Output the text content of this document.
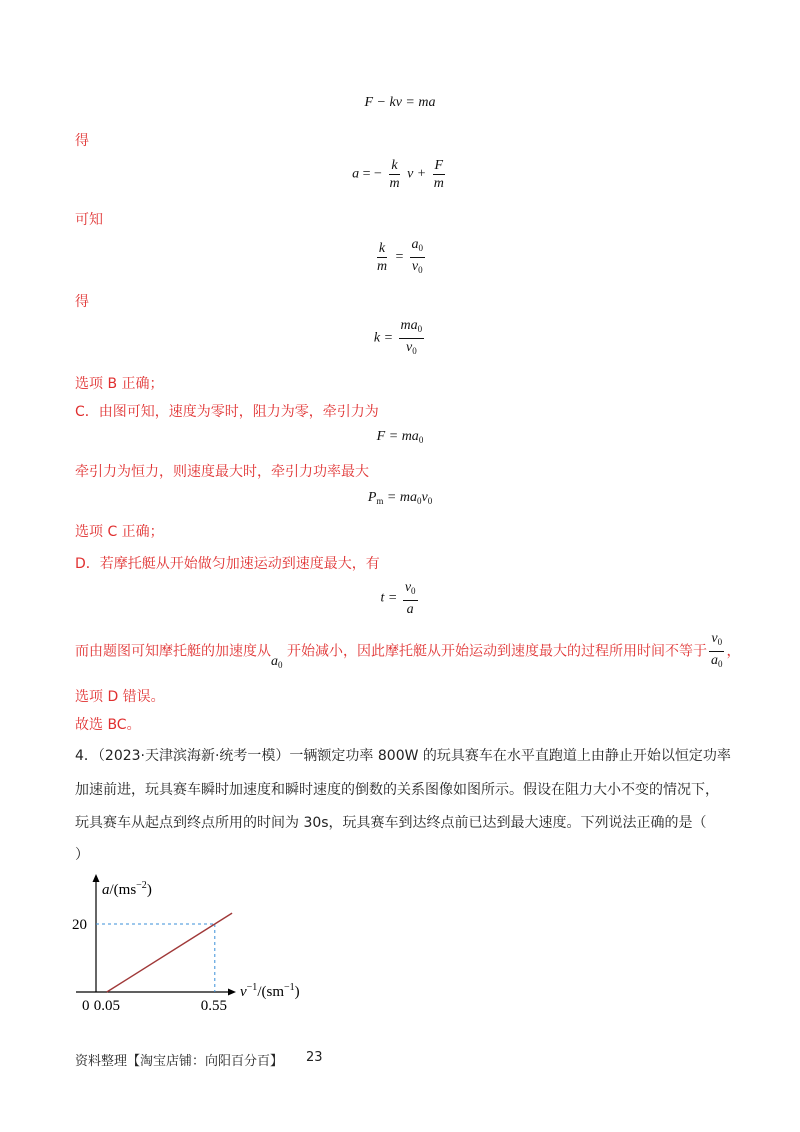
F − kv = ma
得
a = − $\frac{k}{m}$ $v + \frac{F}{m}$
可知
$\frac{k}{m} = \frac{a_0}{v_0}$
得
$k = \frac{ma_0}{v_0}$
选项 B 正确；
C．由图可知，速度为零时，阻力为零，牵引力为
$F = ma_0$
牵引力为恒力，则速度最大时，牵引力功率最大
$P_m = ma_0v_0$
选项 C 正确；
D．若摩托艇从开始做匀加速运动到速度最大，有
$t = \frac{v_0}{a}$
而由题图可知摩托艇的加速度从$a_0$ 开始减小，因此摩托艇从开始运动到速度最大的过程所用时间不等于 $\frac{v_0}{a_0}$ ，
选项 D 错误。
故选 BC。
4．（2023·天津滨海新·统考一模）一辆额定功率 800W 的玩具赛车在水平直跑道上由静止开始以恒定功率
加速前进，玩具赛车瞬时加速度和瞬时速度的倒数的关系图像如图所示。假设在阻力大小不变的情况下，
玩具赛车从起点到终点所用的时间为 30s，玩具赛车到达终点前已达到最大速度。下列说法正确的是（
）
$a/(ms^{-2})$
20
0 0.05	0.55
$v^{-1}/(sm^{-1})$
资料整理【淘宝店铺：向阳百分百】 23
